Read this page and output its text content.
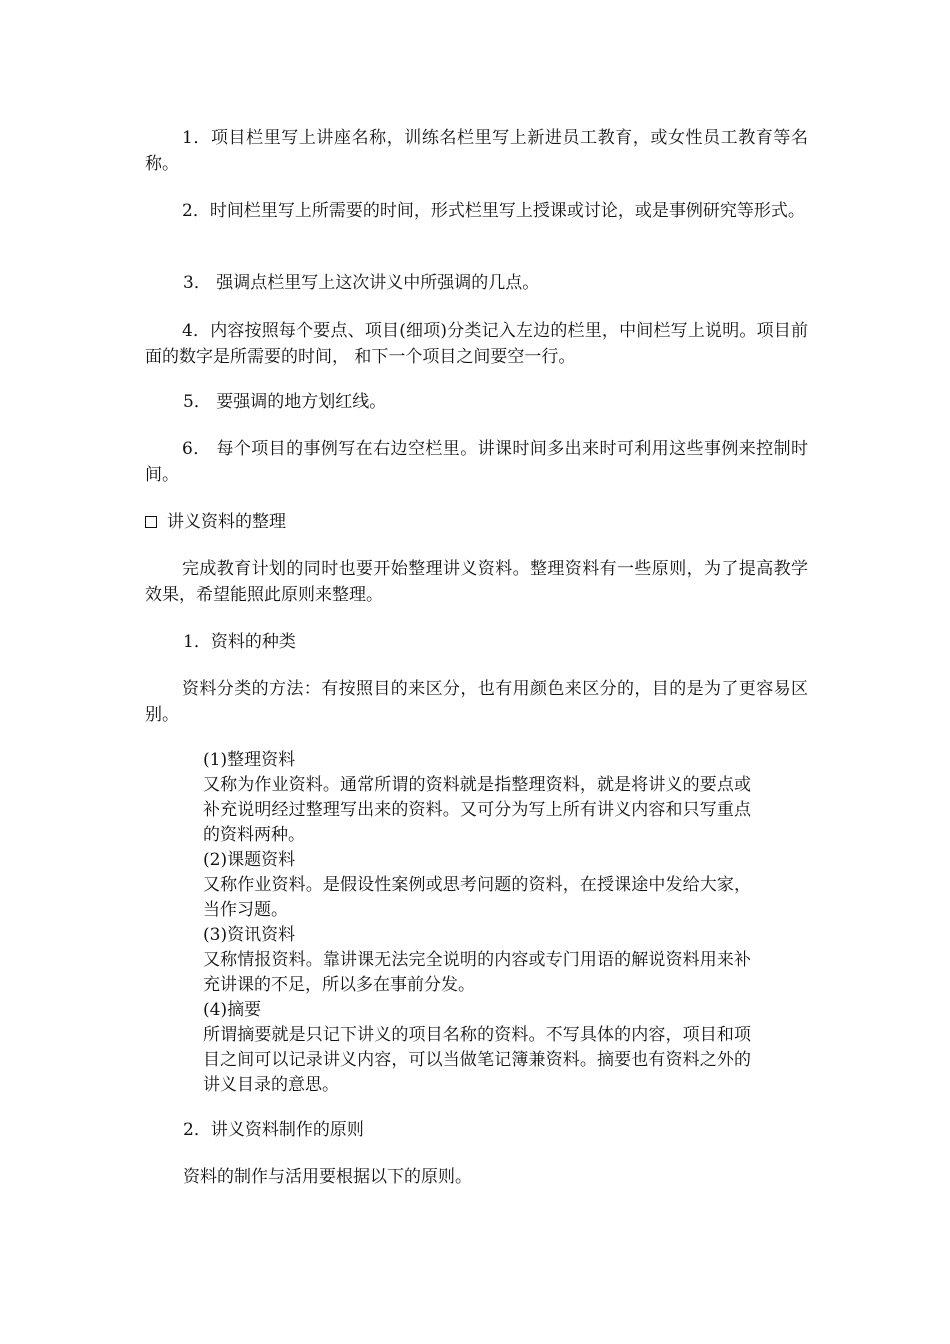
1．项目栏里写上讲座名称，训练名栏里写上新进员工教育，或女性员工教育等名称。

2．时间栏里写上所需要的时间，形式栏里写上授课或讨论，或是事例研究等形式。

3． 强调点栏里写上这次讲义中所强调的几点。

4．内容按照每个要点、项目(细项)分类记入左边的栏里，中间栏写上说明。项目前面的数字是所需要的时间， 和下一个项目之间要空一行。

5． 要强调的地方划红线。

6． 每个项目的事例写在右边空栏里。讲课时间多出来时可利用这些事例来控制时间。

讲义资料的整理

完成教育计划的同时也要开始整理讲义资料。整理资料有一些原则，为了提高教学效果，希望能照此原则来整理。

1．资料的种类

资料分类的方法：有按照目的来区分，也有用颜色来区分的，目的是为了更容易区别。

(1)整理资料

又称为作业资料。通常所谓的资料就是指整理资料，就是将讲义的要点或补充说明经过整理写出来的资料。又可分为写上所有讲义内容和只写重点的资料两种。

(2)课题资料

又称作业资料。是假设性案例或思考问题的资料，在授课途中发给大家，当作习题。

(3)资讯资料

又称情报资料。靠讲课无法完全说明的内容或专门用语的解说资料用来补充讲课的不足，所以多在事前分发。

(4)摘要

所谓摘要就是只记下讲义的项目名称的资料。不写具体的内容，项目和项目之间可以记录讲义内容，可以当做笔记簿兼资料。摘要也有资料之外的讲义目录的意思。

2．讲义资料制作的原则

资料的制作与活用要根据以下的原则。
